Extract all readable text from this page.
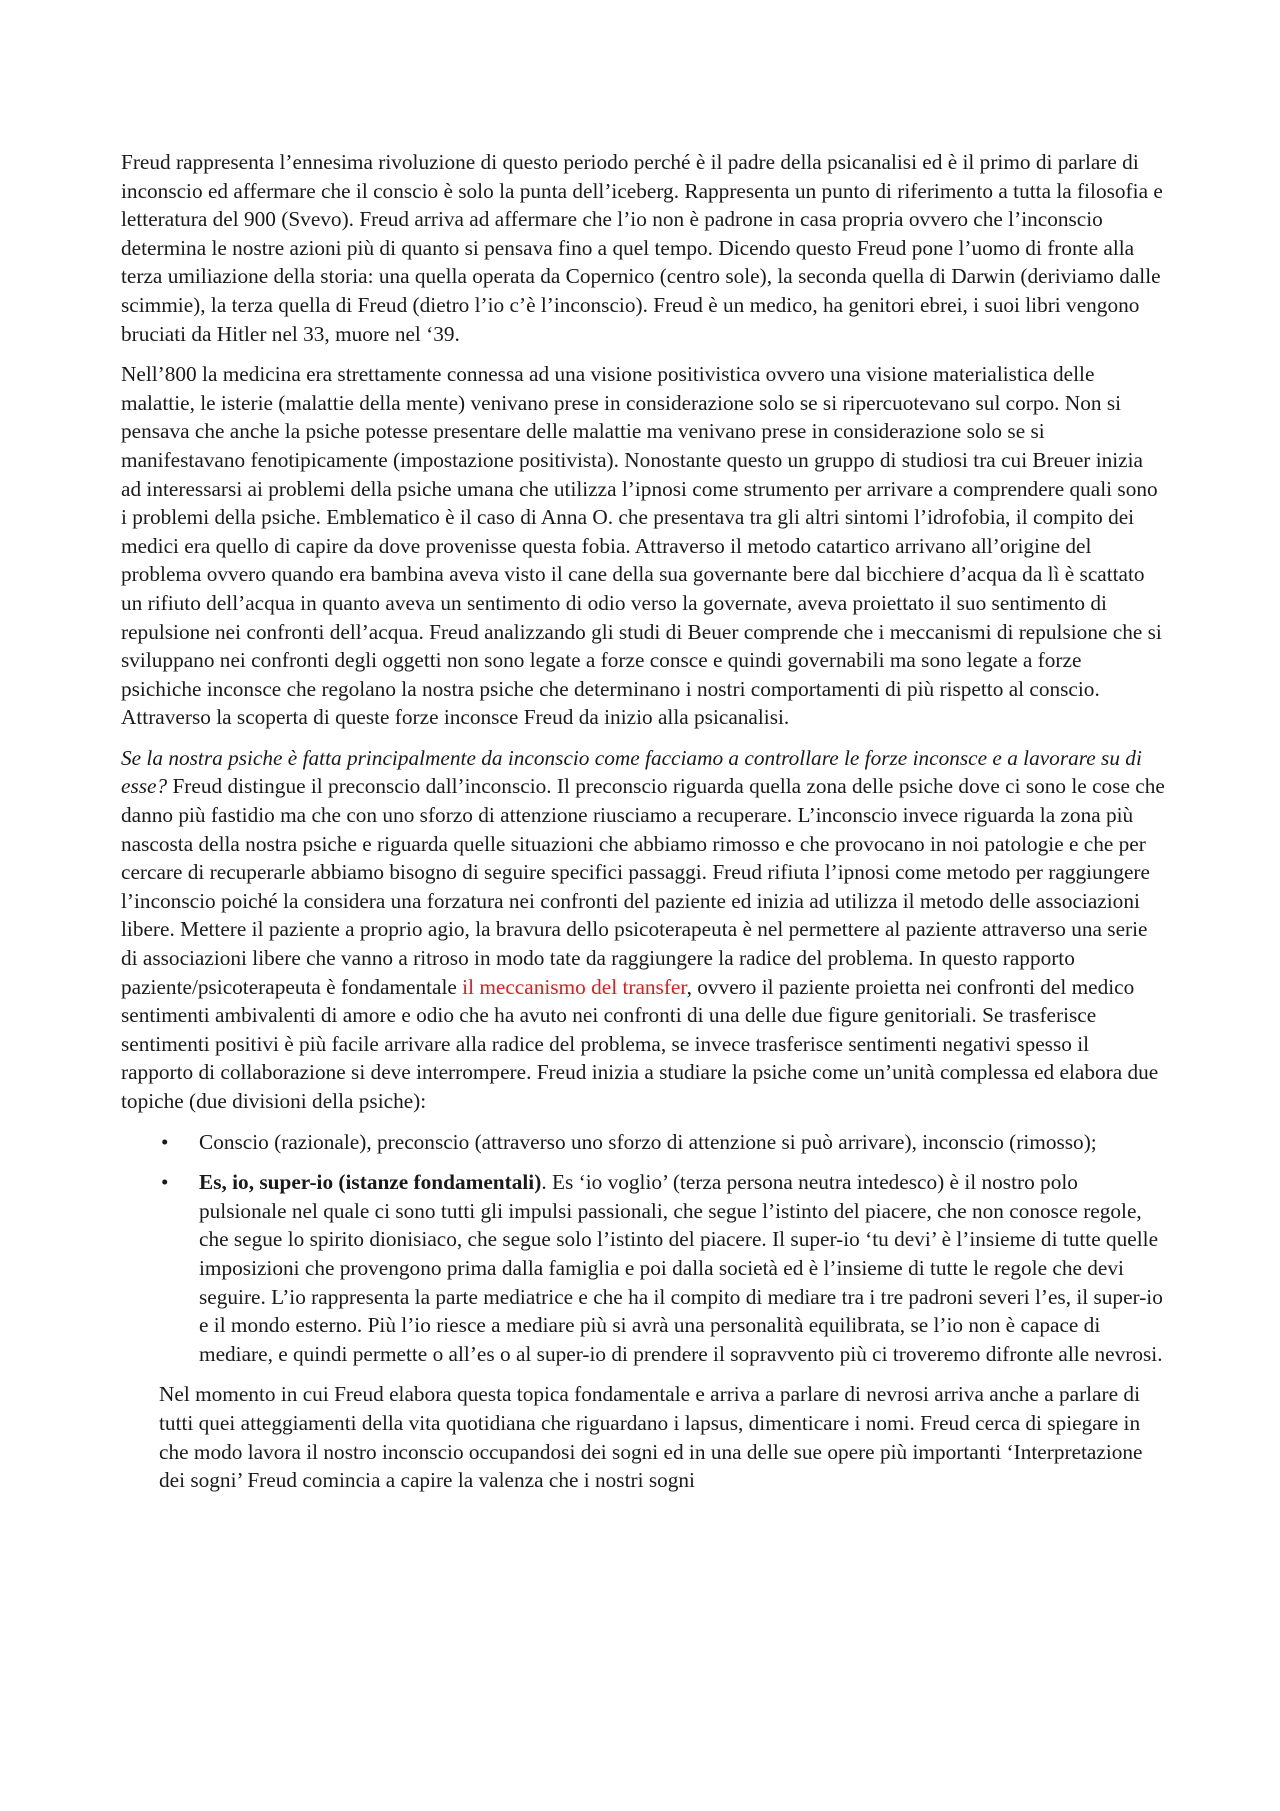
Freud rappresenta l’ennesima rivoluzione di questo periodo perché è il padre della psicanalisi ed è il primo di parlare di inconscio ed affermare che il conscio è solo la punta dell’iceberg. Rappresenta un punto di riferimento a tutta la filosofia e letteratura del 900 (Svevo). Freud arriva ad affermare che l’io non è padrone in casa propria ovvero che l’inconscio determina le nostre azioni più di quanto si pensava fino a quel tempo. Dicendo questo Freud pone l’uomo di fronte alla terza umiliazione della storia: una quella operata da Copernico (centro sole), la seconda quella di Darwin (deriviamo dalle scimmie), la terza quella di Freud (dietro l’io c’è l’inconscio). Freud è un medico, ha genitori ebrei, i suoi libri vengono bruciati da Hitler nel 33, muore nel ‘39.

Nell’800 la medicina era strettamente connessa ad una visione positivistica ovvero una visione materialistica delle malattie, le isterie (malattie della mente) venivano prese in considerazione solo se si ripercuotevano sul corpo. Non si pensava che anche la psiche potesse presentare delle malattie ma venivano prese in considerazione solo se si manifestavano fenotipicamente (impostazione positivista). Nonostante questo un gruppo di studiosi tra cui Breuer inizia ad interessarsi ai problemi della psiche umana che utilizza l’ipnosi come strumento per arrivare a comprendere quali sono i problemi della psiche. Emblematico è il caso di Anna O. che presentava tra gli altri sintomi l’idrofobia, il compito dei medici era quello di capire da dove provenisse questa fobia. Attraverso il metodo catartico arrivano all’origine del problema ovvero quando era bambina aveva visto il cane della sua governante bere dal bicchiere d’acqua da lì è scattato un rifiuto dell’acqua in quanto aveva un sentimento di odio verso la governate, aveva proiettato il suo sentimento di repulsione nei confronti dell’acqua. Freud analizzando gli studi di Beuer comprende che i meccanismi di repulsione che si sviluppano nei confronti degli oggetti non sono legate a forze consce e quindi governabili ma sono legate a forze psichiche inconsce che regolano la nostra psiche che determinano i nostri comportamenti di più rispetto al conscio. Attraverso la scoperta di queste forze inconsce Freud da inizio alla psicanalisi.

Se la nostra psiche è fatta principalmente da inconscio come facciamo a controllare le forze inconsce e a lavorare su di esse? Freud distingue il preconscio dall’inconscio. Il preconscio riguarda quella zona delle psiche dove ci sono le cose che danno più fastidio ma che con uno sforzo di attenzione riusciamo a recuperare. L’inconscio invece riguarda la zona più nascosta della nostra psiche e riguarda quelle situazioni che abbiamo rimosso e che provocano in noi patologie e che per cercare di recuperarle abbiamo bisogno di seguire specifici passaggi. Freud rifiuta l’ipnosi come metodo per raggiungere l’inconscio poiché la considera una forzatura nei confronti del paziente ed inizia ad utilizza il metodo delle associazioni libere. Mettere il paziente a proprio agio, la bravura dello psicoterapeuta è nel permettere al paziente attraverso una serie di associazioni libere che vanno a ritroso in modo tate da raggiungere la radice del problema. In questo rapporto paziente/psicoterapeuta è fondamentale il meccanismo del transfer, ovvero il paziente proietta nei confronti del medico sentimenti ambivalenti di amore e odio che ha avuto nei confronti di una delle due figure genitoriali. Se trasferisce sentimenti positivi è più facile arrivare alla radice del problema, se invece trasferisce sentimenti negativi spesso il rapporto di collaborazione si deve interrompere. Freud inizia a studiare la psiche come un’unità complessa ed elabora due topiche (due divisioni della psiche):

• Conscio (razionale), preconscio (attraverso uno sforzo di attenzione si può arrivare), inconscio (rimosso);
• Es, io, super-io (istanze fondamentali). Es ‘io voglio’ (terza persona neutra intedesco) è il nostro polo pulsionale nel quale ci sono tutti gli impulsi passionali, che segue l’istinto del piacere, che non conosce regole, che segue lo spirito dionisiaco, che segue solo l’istinto del piacere. Il super-io ‘tu devi’ è l’insieme di tutte quelle imposizioni che provengono prima dalla famiglia e poi dalla società ed è l’insieme di tutte le regole che devi seguire. L’io rappresenta la parte mediatrice e che ha il compito di mediare tra i tre padroni severi l’es, il super-io e il mondo esterno. Più l’io riesce a mediare più si avrà una personalità equilibrata, se l’io non è capace di mediare, e quindi permette o all’es o al super-io di prendere il sopravvento più ci troveremo difronte alle nevrosi.

Nel momento in cui Freud elabora questa topica fondamentale e arriva a parlare di nevrosi arriva anche a parlare di tutti quei atteggiamenti della vita quotidiana che riguardano i lapsus, dimenticare i nomi. Freud cerca di spiegare in che modo lavora il nostro inconscio occupandosi dei sogni ed in una delle sue opere più importanti ‘Interpretazione dei sogni’ Freud comincia a capire la valenza che i nostri sogni
